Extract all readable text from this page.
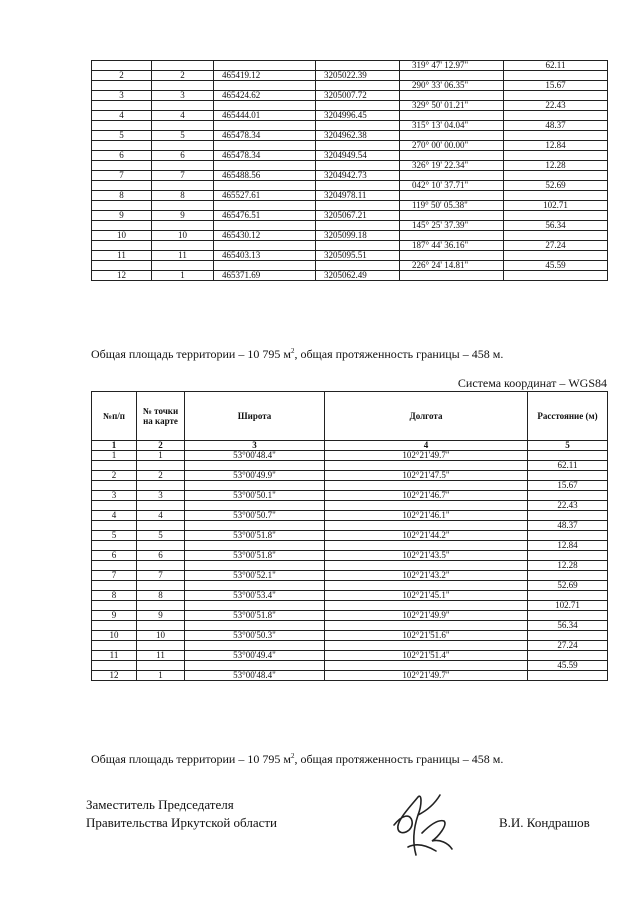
				319° 47' 12.97"	62.11
2	2	465419.12	3205022.39		
				290° 33' 06.35"	15.67
3	3	465424.62	3205007.72		
				329° 50' 01.21"	22.43
4	4	465444.01	3204996.45		
				315° 13' 04.04"	48.37
5	5	465478.34	3204962.38		
				270° 00' 00.00"	12.84
6	6	465478.34	3204949.54		
				326° 19' 22.34"	12.28
7	7	465488.56	3204942.73		
				042° 10' 37.71"	52.69
8	8	465527.61	3204978.11		
				119° 50' 05.38"	102.71
9	9	465476.51	3205067.21		
				145° 25' 37.39"	56.34
10	10	465430.12	3205099.18		
				187° 44' 36.16"	27.24
11	11	465403.13	3205095.51		
				226° 24' 14.81"	45.59
12	1	465371.69	3205062.49		
Общая площадь территории – 10 795 $м^2$, общая протяженность границы – 458 м.
Система координат – WGS84
№п/п	№ точки на карте	Широта	Долгота	Расстояние (м)
1	2	3	4	5
1	1	53°00'48.4"	102°21'49.7"	
				62.11
2	2	53°00'49.9"	102°21'47.5"	
				15.67
3	3	53°00'50.1"	102°21'46.7"	
				22.43
4	4	53°00'50.7"	102°21'46.1"	
				48.37
5	5	53°00'51.8"	102°21'44.2"	
				12.84
6	6	53°00'51.8"	102°21'43.5"	
				12.28
7	7	53°00'52.1"	102°21'43.2"	
				52.69
8	8	53°00'53.4"	102°21'45.1"	
				102.71
9	9	53°00'51.8"	102°21'49.9"	
				56.34
10	10	53°00'50.3"	102°21'51.6"	
				27.24
11	11	53°00'49.4"	102°21'51.4"	
				45.59
12	1	53°00'48.4"	102°21'49.7"	
Общая площадь территории – 10 795 $м^2$, общая протяженность границы – 458 м.
Заместитель Председателя
Правительства Иркутской области	В.И. Кондрашов
